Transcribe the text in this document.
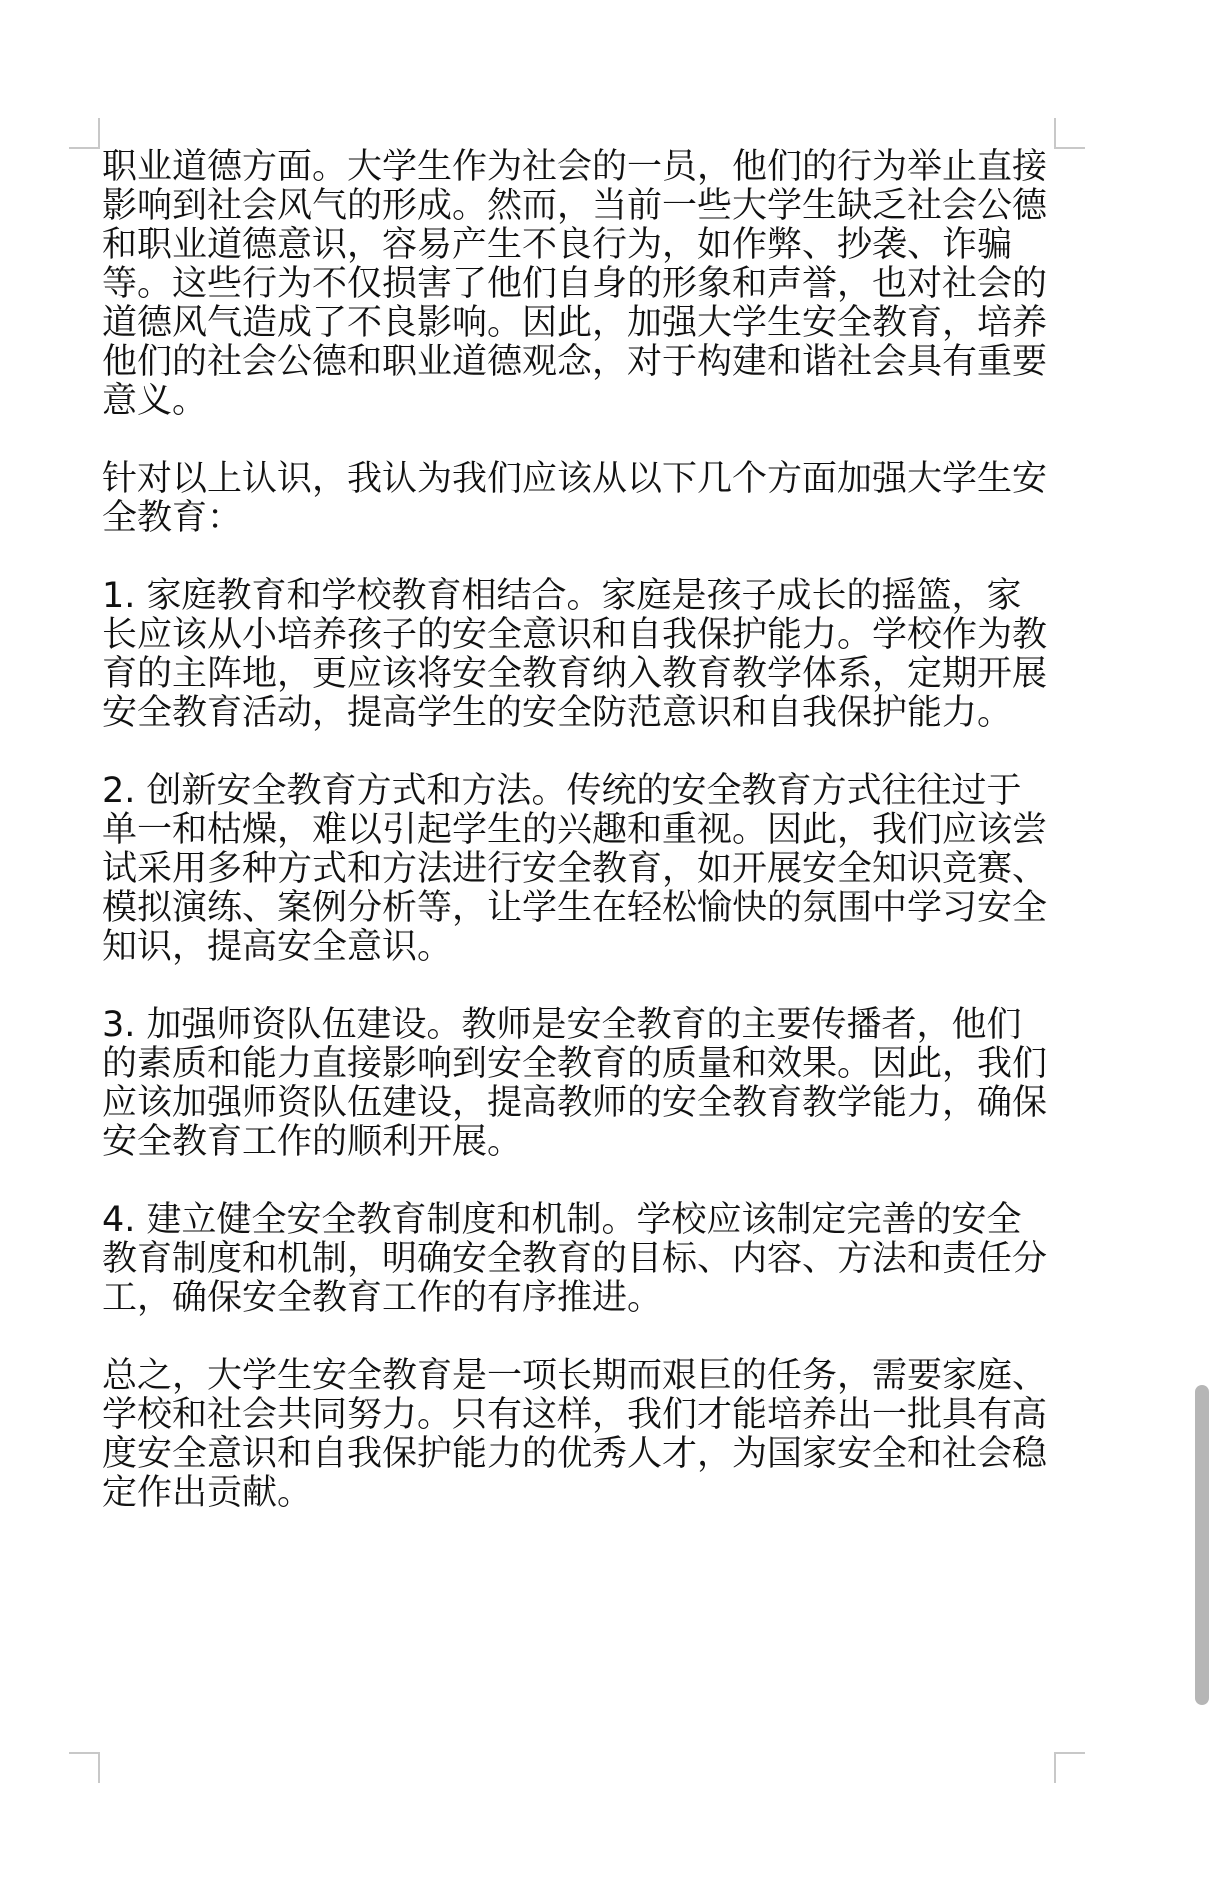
职业道德方面。大学生作为社会的一员，他们的行为举止直接
影响到社会风气的形成。然而，当前一些大学生缺乏社会公德
和职业道德意识，容易产生不良行为，如作弊、抄袭、诈骗
等。这些行为不仅损害了他们自身的形象和声誉，也对社会的
道德风气造成了不良影响。因此，加强大学生安全教育，培养
他们的社会公德和职业道德观念，对于构建和谐社会具有重要
意义。

针对以上认识，我认为我们应该从以下几个方面加强大学生安
全教育：

1. 家庭教育和学校教育相结合。家庭是孩子成长的摇篮，家
长应该从小培养孩子的安全意识和自我保护能力。学校作为教
育的主阵地，更应该将安全教育纳入教育教学体系，定期开展
安全教育活动，提高学生的安全防范意识和自我保护能力。

2. 创新安全教育方式和方法。传统的安全教育方式往往过于
单一和枯燥，难以引起学生的兴趣和重视。因此，我们应该尝
试采用多种方式和方法进行安全教育，如开展安全知识竞赛、
模拟演练、案例分析等，让学生在轻松愉快的氛围中学习安全
知识，提高安全意识。

3. 加强师资队伍建设。教师是安全教育的主要传播者，他们
的素质和能力直接影响到安全教育的质量和效果。因此，我们
应该加强师资队伍建设，提高教师的安全教育教学能力，确保
安全教育工作的顺利开展。

4. 建立健全安全教育制度和机制。学校应该制定完善的安全
教育制度和机制，明确安全教育的目标、内容、方法和责任分
工，确保安全教育工作的有序推进。

总之，大学生安全教育是一项长期而艰巨的任务，需要家庭、
学校和社会共同努力。只有这样，我们才能培养出一批具有高
度安全意识和自我保护能力的优秀人才，为国家安全和社会稳
定作出贡献。
